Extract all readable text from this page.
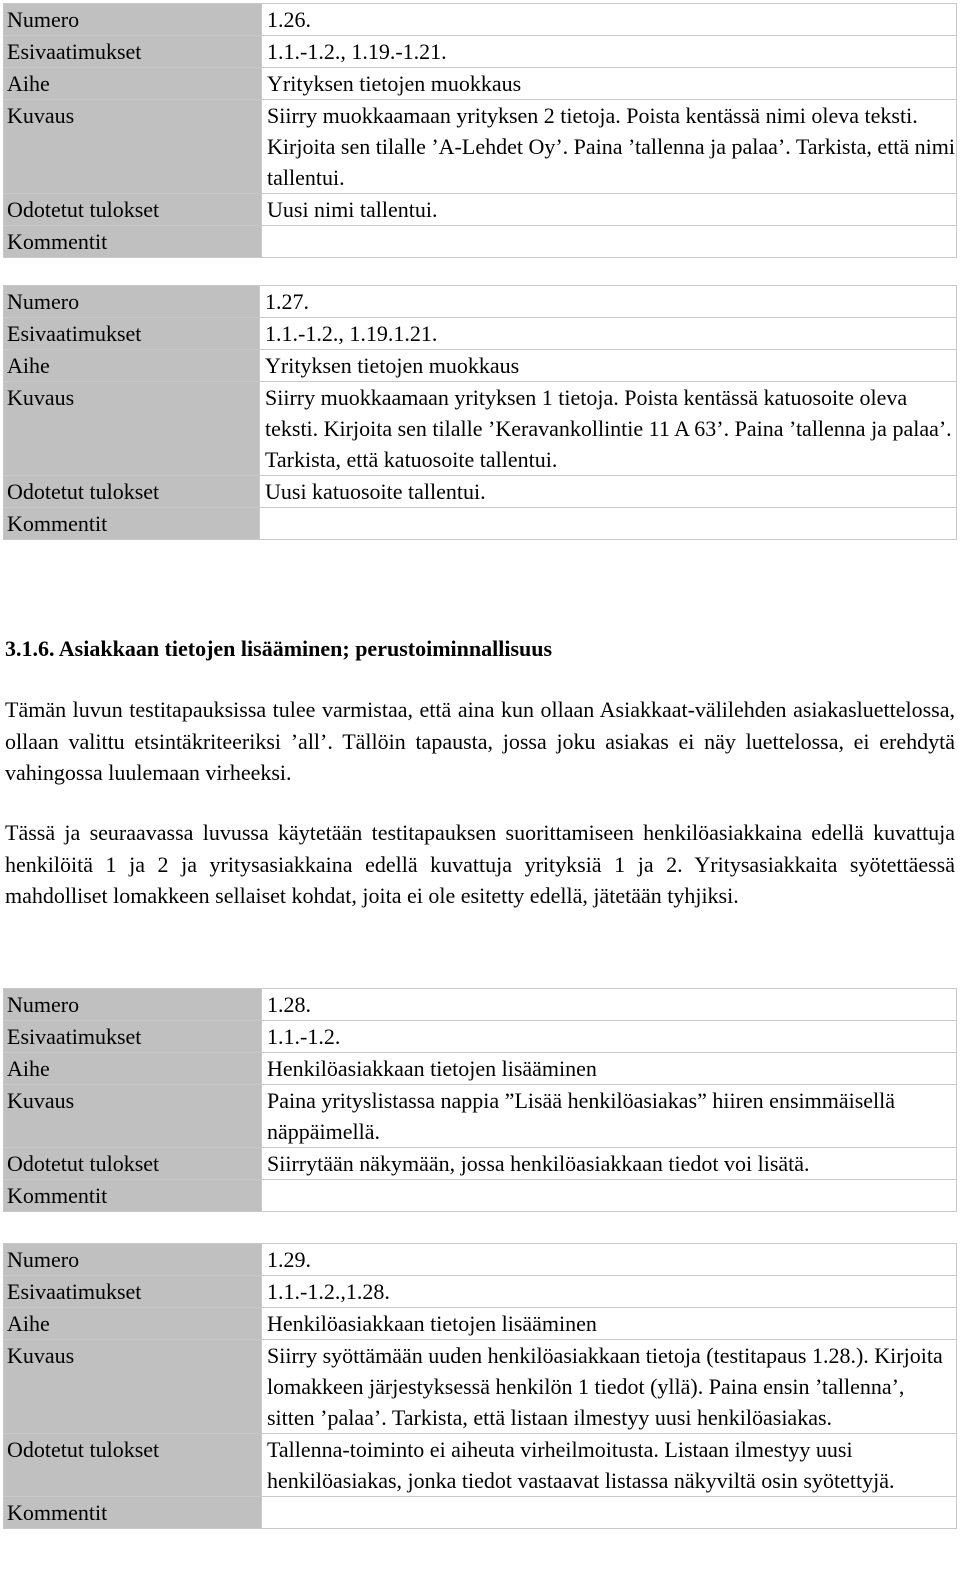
Numero	1.26.
Esivaatimukset	1.1.-1.2., 1.19.-1.21.
Aihe	Yrityksen tietojen muokkaus
Kuvaus	Siirry muokkaamaan yrityksen 2 tietoja. Poista kentässä nimi oleva teksti. Kirjoita sen tilalle ’A-Lehdet Oy’. Paina ’tallenna ja palaa’. Tarkista, että nimi tallentui.
Odotetut tulokset	Uusi nimi tallentui.
Kommentit	
Numero	1.27.
Esivaatimukset	1.1.-1.2., 1.19.1.21.
Aihe	Yrityksen tietojen muokkaus
Kuvaus	Siirry muokkaamaan yrityksen 1 tietoja. Poista kentässä katuosoite oleva teksti. Kirjoita sen tilalle ’Keravankollintie 11 A 63’. Paina ’tallenna ja palaa’. Tarkista, että katuosoite tallentui.
Odotetut tulokset	Uusi katuosoite tallentui.
Kommentit	
3.1.6. Asiakkaan tietojen lisääminen; perustoiminnallisuus

Tämän luvun testitapauksissa tulee varmistaa, että aina kun ollaan Asiakkaat-välilehden asiakasluettelossa, ollaan valittu etsintäkriteeriksi ’all’. Tällöin tapausta, jossa joku asiakas ei näy luettelossa, ei erehdytä vahingossa luulemaan virheeksi.

Tässä ja seuraavassa luvussa käytetään testitapauksen suorittamiseen henkilöasiakkaina edellä kuvattuja henkilöitä 1 ja 2 ja yritysasiakkaina edellä kuvattuja yrityksiä 1 ja 2. Yritysasiakkaita syötettäessä mahdolliset lomakkeen sellaiset kohdat, joita ei ole esitetty edellä, jätetään tyhjiksi.

Numero	1.28.
Esivaatimukset	1.1.-1.2.
Aihe	Henkilöasiakkaan tietojen lisääminen
Kuvaus	Paina yrityslistassa nappia ”Lisää henkilöasiakas” hiiren ensimmäisellä näppäimellä.
Odotetut tulokset	Siirrytään näkymään, jossa henkilöasiakkaan tiedot voi lisätä.
Kommentit	
Numero	1.29.
Esivaatimukset	1.1.-1.2.,1.28.
Aihe	Henkilöasiakkaan tietojen lisääminen
Kuvaus	Siirry syöttämään uuden henkilöasiakkaan tietoja (testitapaus 1.28.). Kirjoita lomakkeen järjestyksessä henkilön 1 tiedot (yllä). Paina ensin ’tallenna’, sitten ’palaa’. Tarkista, että listaan ilmestyy uusi henkilöasiakas.
Odotetut tulokset	Tallenna-toiminto ei aiheuta virheilmoitusta. Listaan ilmestyy uusi henkilöasiakas, jonka tiedot vastaavat listassa näkyviltä osin syötettyjä.
Kommentit	
